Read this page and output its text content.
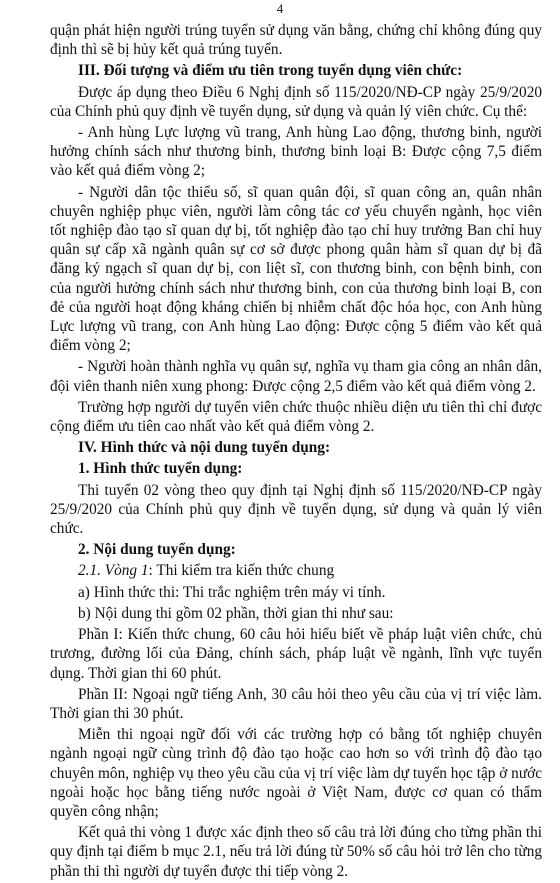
4

quận phát hiện người trúng tuyển sử dụng văn bằng, chứng chỉ không đúng quy định thì sẽ bị hủy kết quả trúng tuyển.

III. Đối tượng và điểm ưu tiên trong tuyển dụng viên chức:

Được áp dụng theo Điều 6 Nghị định số 115/2020/NĐ-CP ngày 25/9/2020 của Chính phủ quy định về tuyển dụng, sử dụng và quản lý viên chức. Cụ thể:

- Anh hùng Lực lượng vũ trang, Anh hùng Lao động, thương binh, người hưởng chính sách như thương binh, thương binh loại B: Được cộng 7,5 điểm vào kết quả điểm vòng 2;

- Người dân tộc thiểu số, sĩ quan quân đội, sĩ quan công an, quân nhân chuyên nghiệp phục viên, người làm công tác cơ yếu chuyển ngành, học viên tốt nghiệp đào tạo sĩ quan dự bị, tốt nghiệp đào tạo chỉ huy trưởng Ban chỉ huy quân sự cấp xã ngành quân sự cơ sở được phong quân hàm sĩ quan dự bị đã đăng ký ngạch sĩ quan dự bị, con liệt sĩ, con thương binh, con bệnh binh, con của người hưởng chính sách như thương binh, con của thương binh loại B, con đẻ của người hoạt động kháng chiến bị nhiễm chất độc hóa học, con Anh hùng Lực lượng vũ trang, con Anh hùng Lao động: Được cộng 5 điểm vào kết quả điểm vòng 2;

- Người hoàn thành nghĩa vụ quân sự, nghĩa vụ tham gia công an nhân dân, đội viên thanh niên xung phong: Được cộng 2,5 điểm vào kết quả điểm vòng 2.

Trường hợp người dự tuyển viên chức thuộc nhiều diện ưu tiên thì chỉ được cộng điểm ưu tiên cao nhất vào kết quả điểm vòng 2.

IV. Hình thức và nội dung tuyển dụng:

1. Hình thức tuyển dụng:

Thi tuyển 02 vòng theo quy định tại Nghị định số 115/2020/NĐ-CP ngày 25/9/2020 của Chính phủ quy định về tuyển dụng, sử dụng và quản lý viên chức.

2. Nội dung tuyển dụng:

2.1. Vòng 1: Thi kiểm tra kiến thức chung

a) Hình thức thi: Thi trắc nghiệm trên máy vi tính.

b) Nội dung thi gồm 02 phần, thời gian thi như sau:

Phần I: Kiến thức chung, 60 câu hỏi hiểu biết về pháp luật viên chức, chủ trương, đường lối của Đảng, chính sách, pháp luật về ngành, lĩnh vực tuyển dụng. Thời gian thi 60 phút.

Phần II: Ngoại ngữ tiếng Anh, 30 câu hỏi theo yêu cầu của vị trí việc làm. Thời gian thi 30 phút.

Miễn thi ngoại ngữ đối với các trường hợp có bằng tốt nghiệp chuyên ngành ngoại ngữ cùng trình độ đào tạo hoặc cao hơn so với trình độ đào tạo chuyên môn, nghiệp vụ theo yêu cầu của vị trí việc làm dự tuyển học tập ở nước ngoài hoặc học bằng tiếng nước ngoài ở Việt Nam, được cơ quan có thẩm quyền công nhận;

Kết quả thi vòng 1 được xác định theo số câu trả lời đúng cho từng phần thi quy định tại điểm b mục 2.1, nếu trả lời đúng từ 50% số câu hỏi trở lên cho từng phần thi thì người dự tuyển được thi tiếp vòng 2.
